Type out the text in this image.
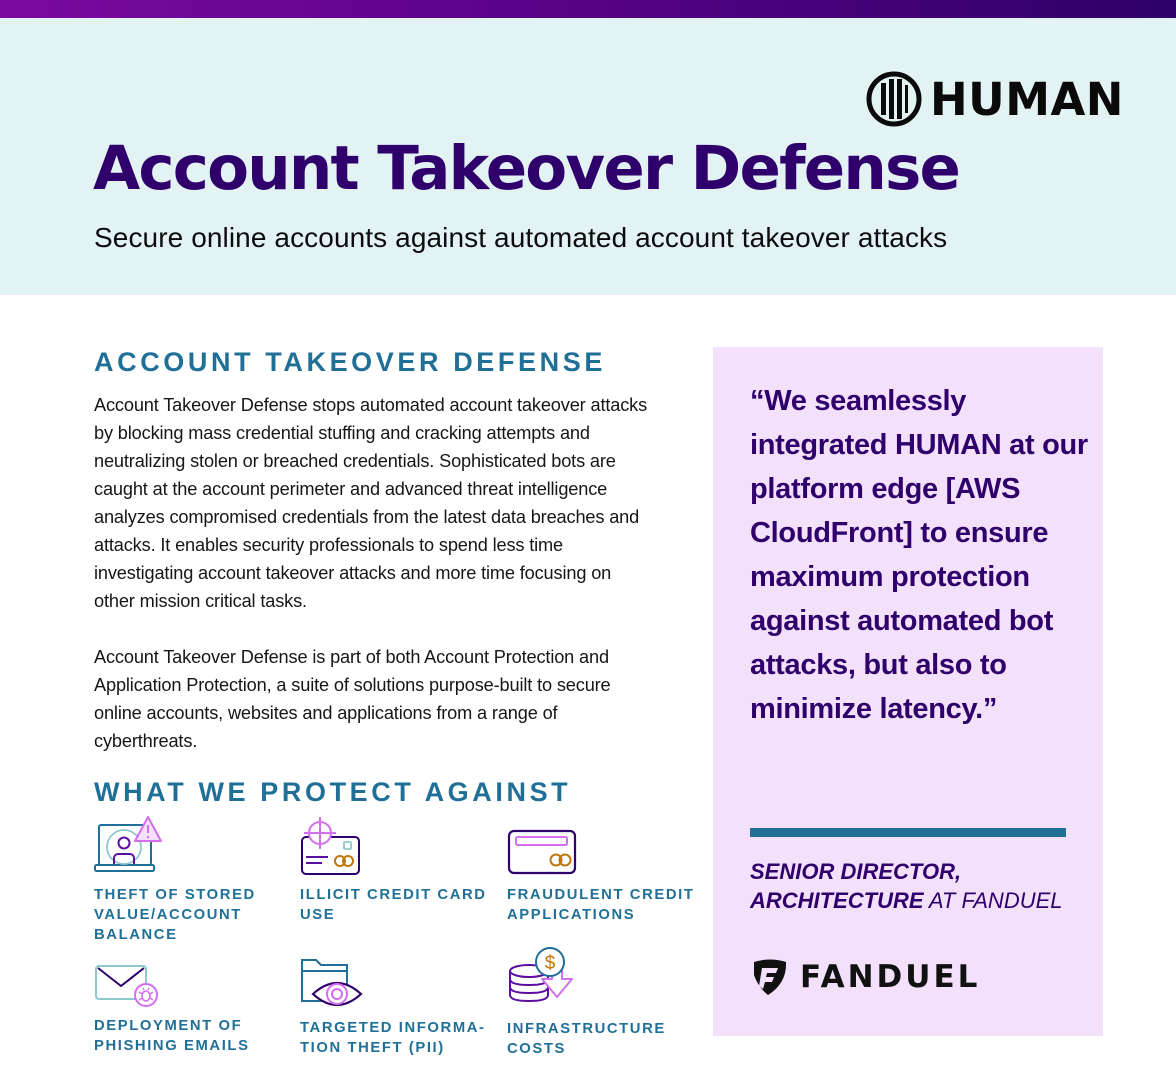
HUMAN
Account Takeover Defense
Secure online accounts against automated account takeover attacks
ACCOUNT TAKEOVER DEFENSE

Account Takeover Defense stops automated account takeover attacks by blocking mass credential stuffing and cracking attempts and neutralizing stolen or breached credentials. Sophisticated bots are caught at the account perimeter and advanced threat intelligence analyzes compromised credentials from the latest data breaches and attacks. It enables security professionals to spend less time investigating account takeover attacks and more time focusing on other mission critical tasks.

Account Takeover Defense is part of both Account Protection and Application Protection, a suite of solutions purpose-built to secure online accounts, websites and applications from a range of cyberthreats.

WHAT WE PROTECT AGAINST
THEFT OF STORED VALUE/ACCOUNT BALANCE
ILLICIT CREDIT CARD USE
FRAUDULENT CREDIT APPLICATIONS
DEPLOYMENT OF PHISHING EMAILS
TARGETED INFORMA-TION THEFT (PII)
$
INFRASTRUCTURE COSTS
“We seamlessly integrated HUMAN at our platform edge [AWS CloudFront] to ensure maximum protection against automated bot attacks, but also to minimize latency.”
SENIOR DIRECTOR,
ARCHITECTURE AT FANDUEL
FANDUEL
